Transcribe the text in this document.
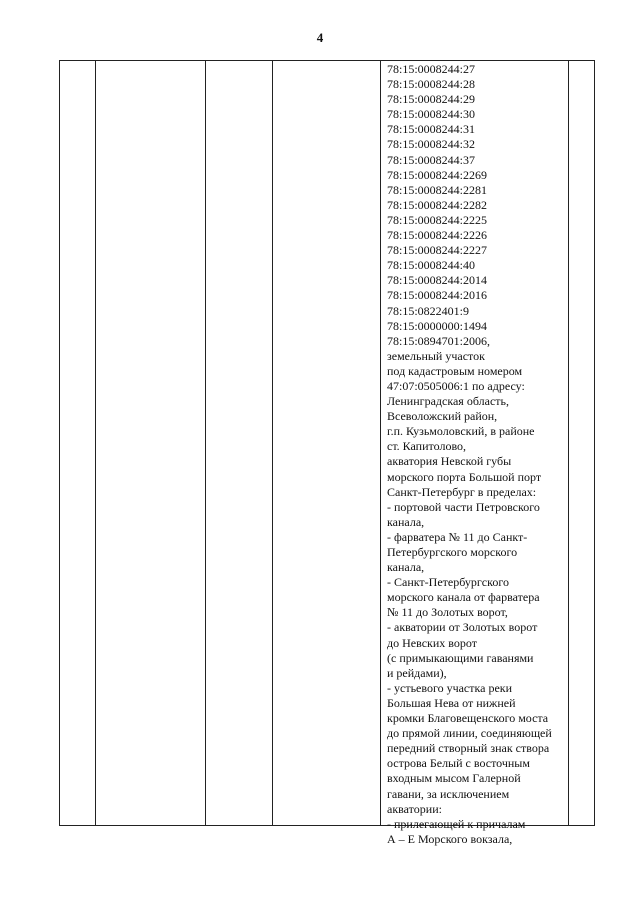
4
78:15:0008244:27
78:15:0008244:28
78:15:0008244:29
78:15:0008244:30
78:15:0008244:31
78:15:0008244:32
78:15:0008244:37
78:15:0008244:2269
78:15:0008244:2281
78:15:0008244:2282
78:15:0008244:2225
78:15:0008244:2226
78:15:0008244:2227
78:15:0008244:40
78:15:0008244:2014
78:15:0008244:2016
78:15:0822401:9
78:15:0000000:1494
78:15:0894701:2006,
земельный участок
под кадастровым номером
47:07:0505006:1 по адресу:
Ленинградская область,
Всеволожский район,
г.п. Кузьмоловский, в районе
ст. Капитолово,
акватория Невской губы
морского порта Большой порт
Санкт-Петербург в пределах:
- портовой части Петровского
канала,
- фарватера № 11 до Санкт-
Петербургского морского
канала,
- Санкт-Петербургского
морского канала от фарватера
№ 11 до Золотых ворот,
- акватории от Золотых ворот
до Невских ворот
(с примыкающими гаванями
и рейдами),
- устьевого участка реки
Большая Нева от нижней
кромки Благовещенского моста
до прямой линии, соединяющей
передний створный знак створа
острова Белый с восточным
входным мысом Галерной
гавани, за исключением
акватории:
- прилегающей к причалам
А – Е Морского вокзала,
